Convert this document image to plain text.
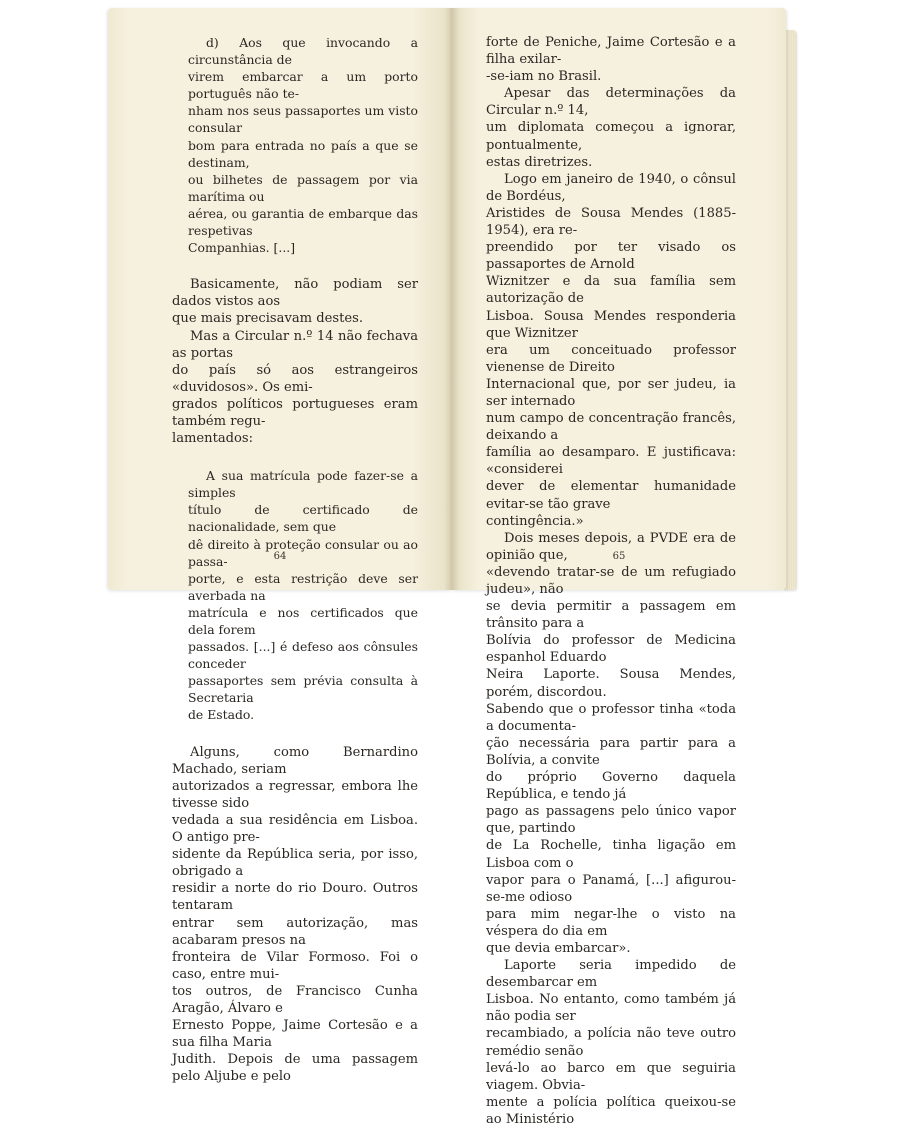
d) Aos que invocando a circunstância de

virem embarcar a um porto português não te-

nham nos seus passaportes um visto consular

bom para entrada no país a que se destinam,

ou bilhetes de passagem por via marítima ou

aérea, ou garantia de embarque das respetivas

Companhias. [...]

Basicamente, não podiam ser dados vistos aos

que mais precisavam destes.

Mas a Circular n.º 14 não fechava as portas

do país só aos estrangeiros «duvidosos». Os emi-

grados políticos portugueses eram também regu-

lamentados:

A sua matrícula pode fazer-se a simples

título de certificado de nacionalidade, sem que

dê direito à proteção consular ou ao passa-

porte, e esta restrição deve ser averbada na

matrícula e nos certificados que dela forem

passados. [...] é defeso aos cônsules conceder

passaportes sem prévia consulta à Secretaria

de Estado.

Alguns, como Bernardino Machado, seriam

autorizados a regressar, embora lhe tivesse sido

vedada a sua residência em Lisboa. O antigo pre-

sidente da República seria, por isso, obrigado a

residir a norte do rio Douro. Outros tentaram

entrar sem autorização, mas acabaram presos na

fronteira de Vilar Formoso. Foi o caso, entre mui-

tos outros, de Francisco Cunha Aragão, Álvaro e

Ernesto Poppe, Jaime Cortesão e a sua filha Maria

Judith. Depois de uma passagem pelo Aljube e pelo

64

forte de Peniche, Jaime Cortesão e a filha exilar-

-se-iam no Brasil.

Apesar das determinações da Circular n.º 14,

um diplomata começou a ignorar, pontualmente,

estas diretrizes.

Logo em janeiro de 1940, o cônsul de Bordéus,

Aristides de Sousa Mendes (1885-1954), era re-

preendido por ter visado os passaportes de Arnold

Wiznitzer e da sua família sem autorização de

Lisboa. Sousa Mendes responderia que Wiznitzer

era um conceituado professor vienense de Direito

Internacional que, por ser judeu, ia ser internado

num campo de concentração francês, deixando a

família ao desamparo. E justificava: «considerei

dever de elementar humanidade evitar-se tão grave

contingência.»

Dois meses depois, a PVDE era de opinião que,

«devendo tratar-se de um refugiado judeu», não

se devia permitir a passagem em trânsito para a

Bolívia do professor de Medicina espanhol Eduardo

Neira Laporte. Sousa Mendes, porém, discordou.

Sabendo que o professor tinha «toda a documenta-

ção necessária para partir para a Bolívia, a convite

do próprio Governo daquela República, e tendo já

pago as passagens pelo único vapor que, partindo

de La Rochelle, tinha ligação em Lisboa com o

vapor para o Panamá, [...] afigurou-se-me odioso

para mim negar-lhe o visto na véspera do dia em

que devia embarcar».

Laporte seria impedido de desembarcar em

Lisboa. No entanto, como também já não podia ser

recambiado, a polícia não teve outro remédio senão

levá-lo ao barco em que seguiria viagem. Obvia-

mente a polícia política queixou-se ao Ministério

65
